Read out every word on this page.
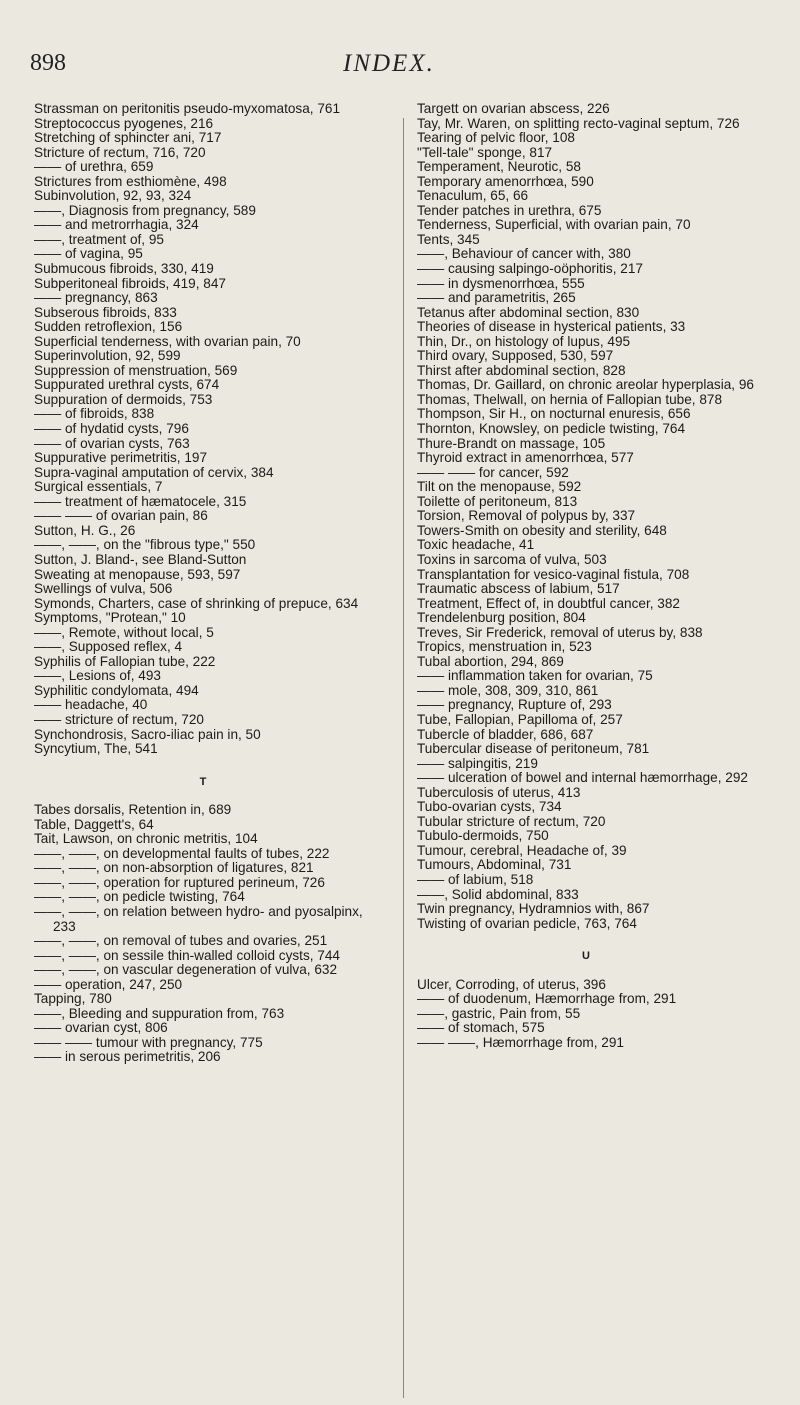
898	INDEX.
Strassman on peritonitis pseudo-myxomatosa, 761
Streptococcus pyogenes, 216
Stretching of sphincter ani, 717
Stricture of rectum, 716, 720
—— of urethra, 659
Strictures from esthiomène, 498
Subinvolution, 92, 93, 324
——, Diagnosis from pregnancy, 589
—— and metrorrhagia, 324
——, treatment of, 95
—— of vagina, 95
Submucous fibroids, 330, 419
Subperitoneal fibroids, 419, 847
—— pregnancy, 863
Subserous fibroids, 833
Sudden retroflexion, 156
Superficial tenderness, with ovarian pain, 70
Superinvolution, 92, 599
Suppression of menstruation, 569
Suppurated urethral cysts, 674
Suppuration of dermoids, 753
—— of fibroids, 838
—— of hydatid cysts, 796
—— of ovarian cysts, 763
Suppurative perimetritis, 197
Supra-vaginal amputation of cervix, 384
Surgical essentials, 7
—— treatment of hæmatocele, 315
—— —— of ovarian pain, 86
Sutton, H. G., 26
——, ——, on the "fibrous type," 550
Sutton, J. Bland-, see Bland-Sutton
Sweating at menopause, 593, 597
Swellings of vulva, 506
Symonds, Charters, case of shrinking of prepuce, 634
Symptoms, "Protean," 10
——, Remote, without local, 5
——, Supposed reflex, 4
Syphilis of Fallopian tube, 222
——, Lesions of, 493
Syphilitic condylomata, 494
—— headache, 40
—— stricture of rectum, 720
Synchondrosis, Sacro-iliac pain in, 50
Syncytium, The, 541
T
Tabes dorsalis, Retention in, 689
Table, Daggett's, 64
Tait, Lawson, on chronic metritis, 104
——, ——, on developmental faults of tubes, 222
——, ——, on non-absorption of ligatures, 821
——, ——, operation for ruptured perineum, 726
——, ——, on pedicle twisting, 764
——, ——, on relation between hydro- and pyosalpinx, 233
——, ——, on removal of tubes and ovaries, 251
——, ——, on sessile thin-walled colloid cysts, 744
——, ——, on vascular degeneration of vulva, 632
—— operation, 247, 250
Tapping, 780
——, Bleeding and suppuration from, 763
—— ovarian cyst, 806
—— —— tumour with pregnancy, 775
—— in serous perimetritis, 206
Targett on ovarian abscess, 226
Tay, Mr. Waren, on splitting recto-vaginal septum, 726
Tearing of pelvic floor, 108
"Tell-tale" sponge, 817
Temperament, Neurotic, 58
Temporary amenorrhœa, 590
Tenaculum, 65, 66
Tender patches in urethra, 675
Tenderness, Superficial, with ovarian pain, 70
Tents, 345
——, Behaviour of cancer with, 380
—— causing salpingo-oöphoritis, 217
—— in dysmenorrhœa, 555
—— and parametritis, 265
Tetanus after abdominal section, 830
Theories of disease in hysterical patients, 33
Thin, Dr., on histology of lupus, 495
Third ovary, Supposed, 530, 597
Thirst after abdominal section, 828
Thomas, Dr. Gaillard, on chronic areolar hyperplasia, 96
Thomas, Thelwall, on hernia of Fallopian tube, 878
Thompson, Sir H., on nocturnal enuresis, 656
Thornton, Knowsley, on pedicle twisting, 764
Thure-Brandt on massage, 105
Thyroid extract in amenorrhœa, 577
—— —— for cancer, 592
Tilt on the menopause, 592
Toilette of peritoneum, 813
Torsion, Removal of polypus by, 337
Towers-Smith on obesity and sterility, 648
Toxic headache, 41
Toxins in sarcoma of vulva, 503
Transplantation for vesico-vaginal fistula, 708
Traumatic abscess of labium, 517
Treatment, Effect of, in doubtful cancer, 382
Trendelenburg position, 804
Treves, Sir Frederick, removal of uterus by, 838
Tropics, menstruation in, 523
Tubal abortion, 294, 869
—— inflammation taken for ovarian, 75
—— mole, 308, 309, 310, 861
—— pregnancy, Rupture of, 293
Tube, Fallopian, Papilloma of, 257
Tubercle of bladder, 686, 687
Tubercular disease of peritoneum, 781
—— salpingitis, 219
—— ulceration of bowel and internal hæmorrhage, 292
Tuberculosis of uterus, 413
Tubo-ovarian cysts, 734
Tubular stricture of rectum, 720
Tubulo-dermoids, 750
Tumour, cerebral, Headache of, 39
Tumours, Abdominal, 731
—— of labium, 518
——, Solid abdominal, 833
Twin pregnancy, Hydramnios with, 867
Twisting of ovarian pedicle, 763, 764
U
Ulcer, Corroding, of uterus, 396
—— of duodenum, Hæmorrhage from, 291
——, gastric, Pain from, 55
—— of stomach, 575
—— ——, Hæmorrhage from, 291
